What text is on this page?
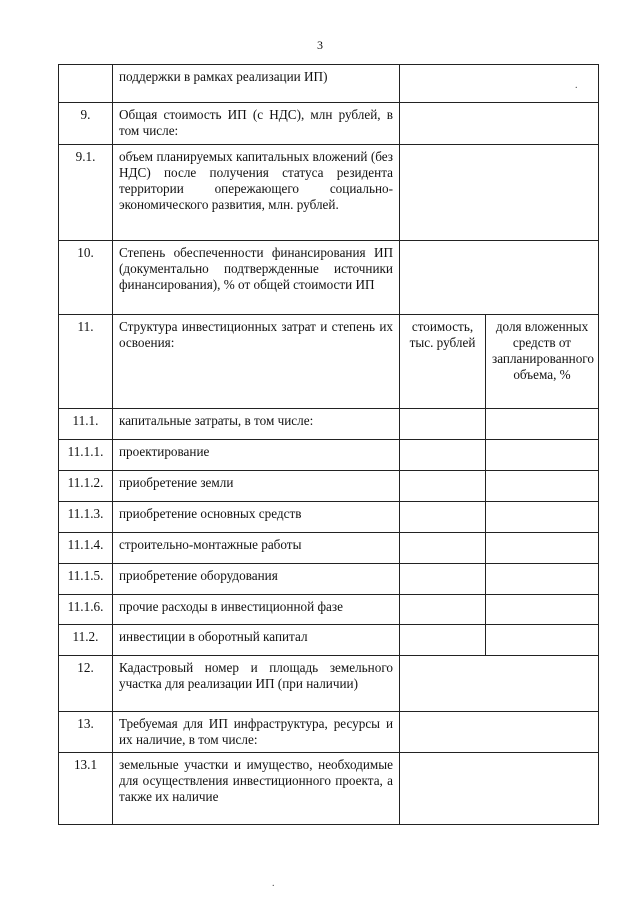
3
	поддержки в рамках реализации ИП)		
9.	Общая стоимость ИП (с НДС), млн рублей, в том числе:		
9.1.	объем планируемых капитальных вложений (без НДС) после получения статуса резидента территории опережающего социально-экономического развития, млн. рублей.		
10.	Степень обеспеченности финансирования ИП (документально подтвержденные источники финансирования), % от общей стоимости ИП		
11.	Структура инвестиционных затрат и степень их освоения:	стоимость, тыс. рублей	доля вложенных средств от запланированного объема, %
11.1.	капитальные затраты, в том числе:		
11.1.1.	проектирование		
11.1.2.	приобретение земли		
11.1.3.	приобретение основных средств		
11.1.4.	строительно-монтажные работы		
11.1.5.	приобретение оборудования		
11.1.6.	прочие расходы в инвестиционной фазе		
11.2.	инвестиции в оборотный капитал		
12.	Кадастровый номер и площадь земельного участка для реализации ИП (при наличии)		
13.	Требуемая для ИП инфраструктура, ресурсы и их наличие, в том числе:		
13.1	земельные участки и имущество, необходимые для осуществления инвестиционного проекта, а также их наличие		
.
.
